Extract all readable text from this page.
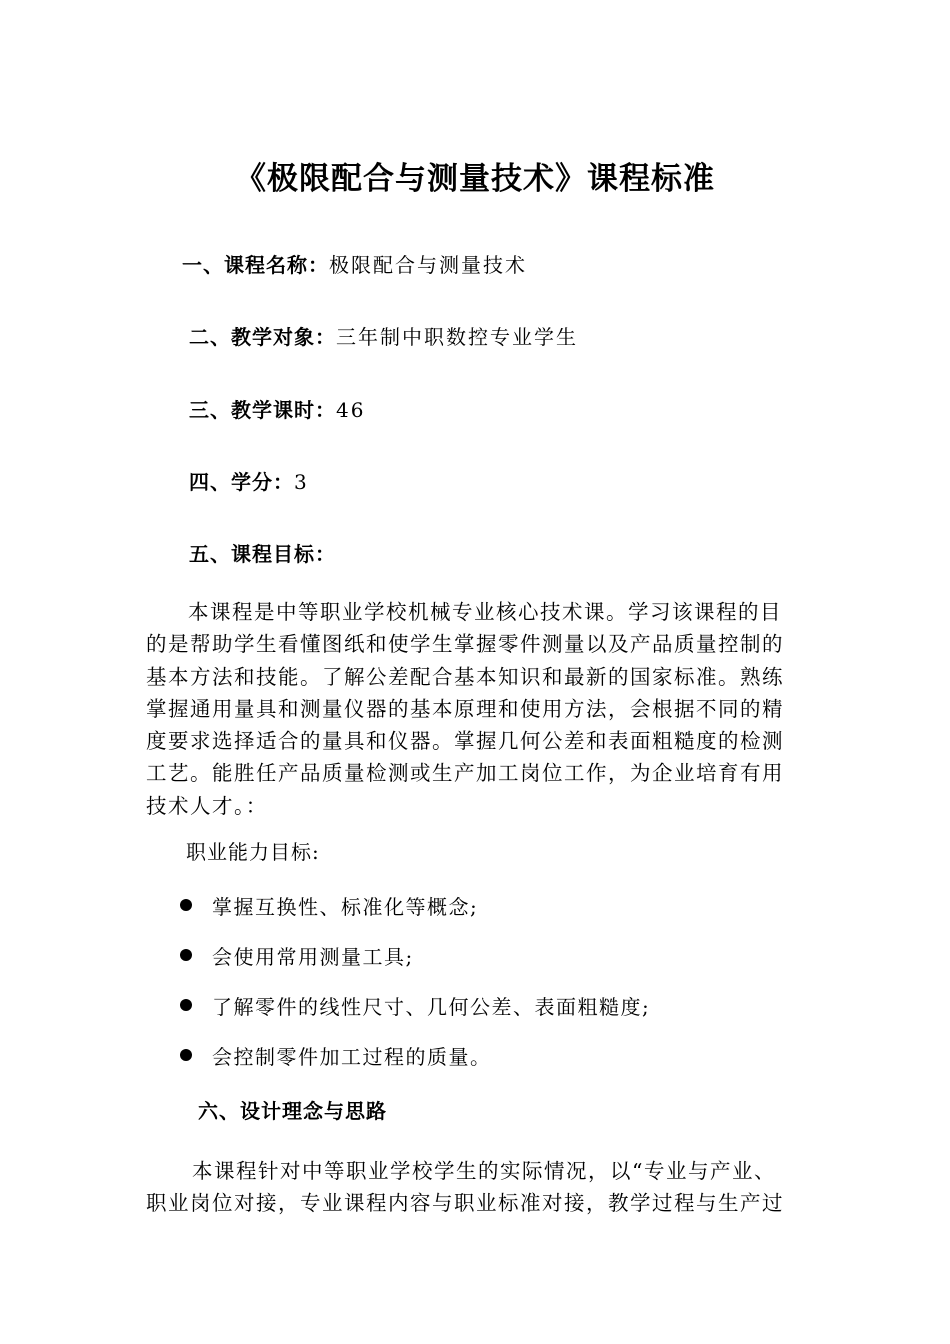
《极限配合与测量技术》课程标准
一、课程名称：极限配合与测量技术
二、教学对象：三年制中职数控专业学生
三、教学课时：46
四、学分：3
五、课程目标：

本课程是中等职业学校机械专业核心技术课。学习该课程的目

的是帮助学生看懂图纸和使学生掌握零件测量以及产品质量控制的

基本方法和技能。了解公差配合基本知识和最新的国家标准。熟练

掌握通用量具和测量仪器的基本原理和使用方法，会根据不同的精

度要求选择适合的量具和仪器。掌握几何公差和表面粗糙度的检测

工艺。能胜任产品质量检测或生产加工岗位工作，为企业培育有用

技术人才。：

职业能力目标:
掌握互换性、标准化等概念;
会使用常用测量工具;
了解零件的线性尺寸、几何公差、表面粗糙度;
会控制零件加工过程的质量。
六、设计理念与思路

本课程针对中等职业学校学生的实际情况，以“专业与产业、

职业岗位对接，专业课程内容与职业标准对接，教学过程与生产过
